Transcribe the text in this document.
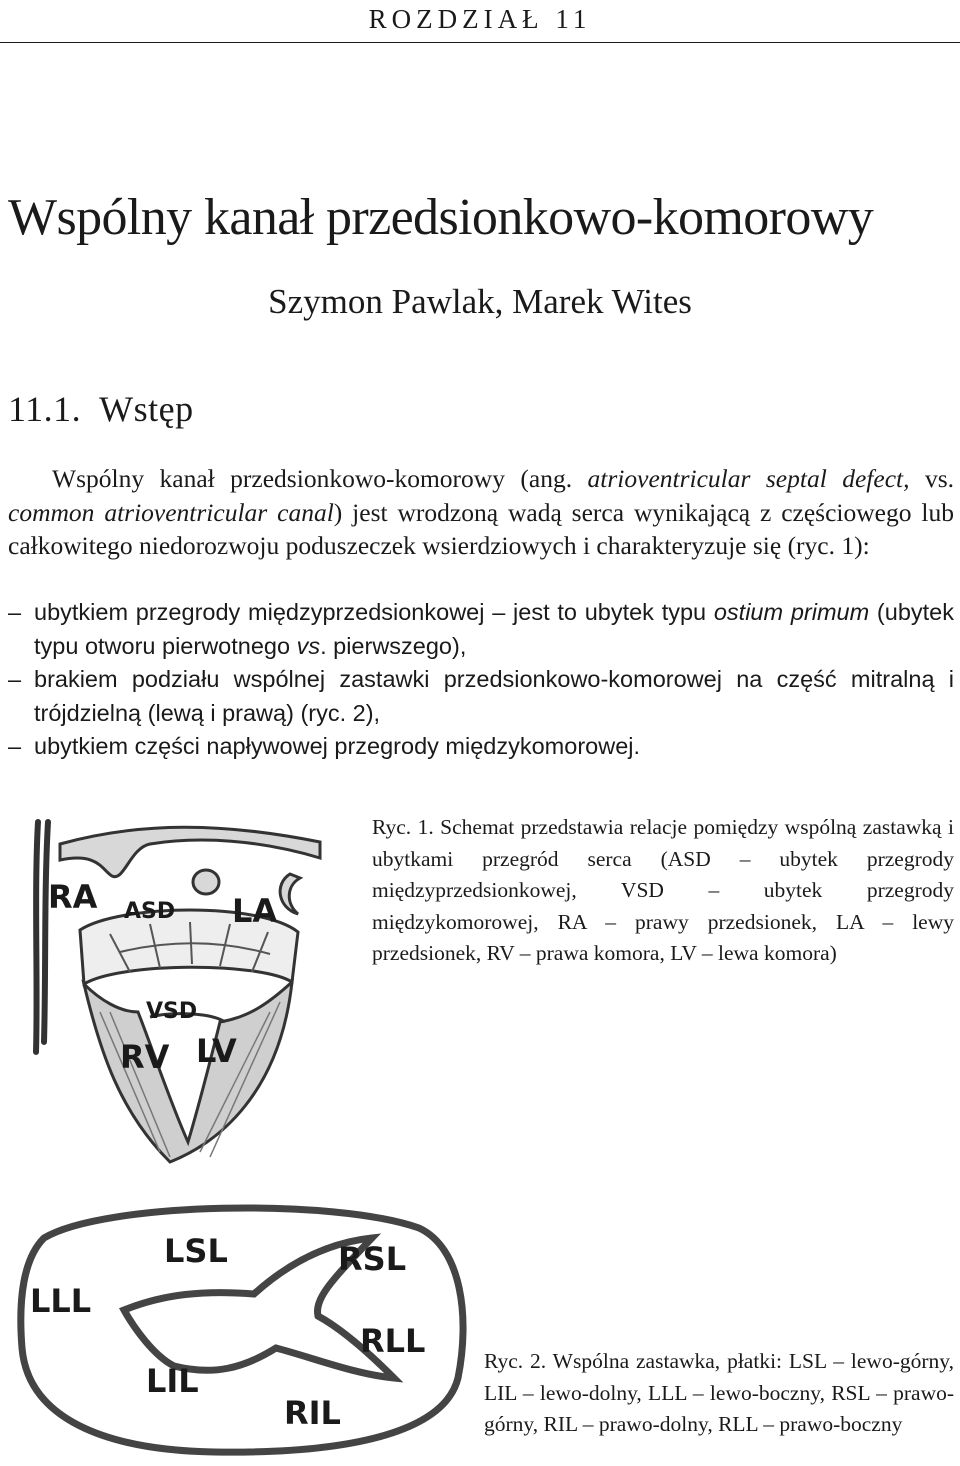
ROZDZIAŁ 11
Wspólny kanał przedsionkowo-komorowy
Szymon Pawlak, Marek Wites
11.1. Wstęp

Wspólny kanał przedsionkowo-komorowy (ang. atrioventricular septal defect, vs. common atrioventricular canal) jest wrodzoną wadą serca wynikającą z częściowego lub całkowitego niedorozwoju poduszeczek wsierdziowych i charakteryzuje się (ryc. 1):

– ubytkiem przegrody międzyprzedsionkowej – jest to ubytek typu ostium primum (ubytek typu otworu pierwotnego vs. pierwszego),
– brakiem podziału wspólnej zastawki przedsionkowo-komorowej na część mitralną i trójdzielną (lewą i prawą) (ryc. 2),
– ubytkiem części napływowej przegrody międzykomorowej.
RA ASD LA
VSD
RV LV

Ryc. 1. Schemat przedstawia relacje pomiędzy wspólną zastawką i ubytkami przegród serca (ASD – ubytek przegrody międzyprzedsionkowej, VSD – ubytek przegrody międzykomorowej, RA – prawy przedsionek, LA – lewy przedsionek, RV – prawa komora, LV – lewa komora)

LSL	RSL
LLL
RLL
LIL
RIL

Ryc. 2. Wspólna zastawka, płatki: LSL – lewo-górny, LIL – lewo-dolny, LLL – lewo-boczny, RSL – prawo-górny, RIL – prawo-dolny, RLL – prawo-boczny
